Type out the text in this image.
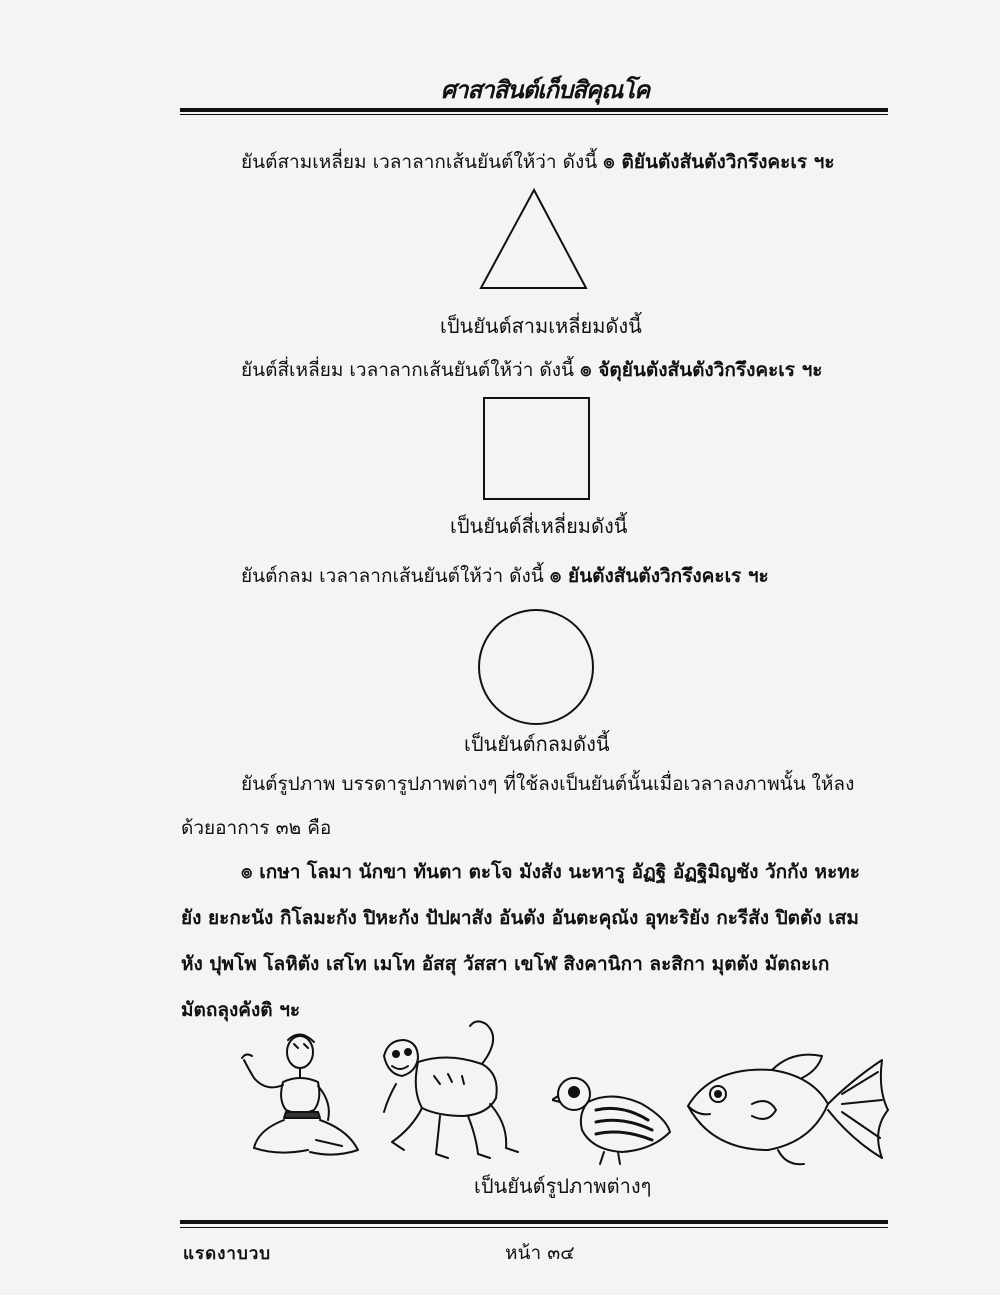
ศาสาสินต์เก็บสิคุณโค
ยันต์สามเหลี่ยม เวลาลากเส้นยันต์ให้ว่า ดังนี้ ๏ ติยันตังสันตังวิกรึงคะเร ฯะ
เป็นยันต์สามเหลี่ยมดังนี้
ยันต์สี่เหลี่ยม เวลาลากเส้นยันต์ให้ว่า ดังนี้ ๏ จัตุยันตังสันตังวิกรึงคะเร ฯะ
เป็นยันต์สี่เหลี่ยมดังนี้
ยันต์กลม เวลาลากเส้นยันต์ให้ว่า ดังนี้ ๏ ยันตังสันตังวิกรึงคะเร ฯะ
เป็นยันต์กลมดังนี้
ยันต์รูปภาพ บรรดารูปภาพต่างๆ ที่ใช้ลงเป็นยันต์นั้นเมื่อเวลาลงภาพนั้น ให้ลง
ด้วยอาการ ๓๒ คือ
๏ เกษา โลมา นักขา ทันตา ตะโจ มังสัง นะหารู อัฏฐิ อัฏฐิมิญชัง วักกัง หะทะ
ยัง ยะกะนัง กิโลมะกัง ปิหะกัง ปัปผาสัง อันตัง อันตะคุณัง อุทะริยัง กะรีสัง ปิตตัง เสม
หัง ปุพโพ โลหิตัง เสโท เมโท อัสสุ วัสสา เขโฬ สิงคานิกา ละสิกา มุตตัง มัตถะเก
มัตถลุงคังติ ฯะ
เป็นยันต์รูปภาพต่างๆ
แรดงาบวบ	หน้า ๓๔
